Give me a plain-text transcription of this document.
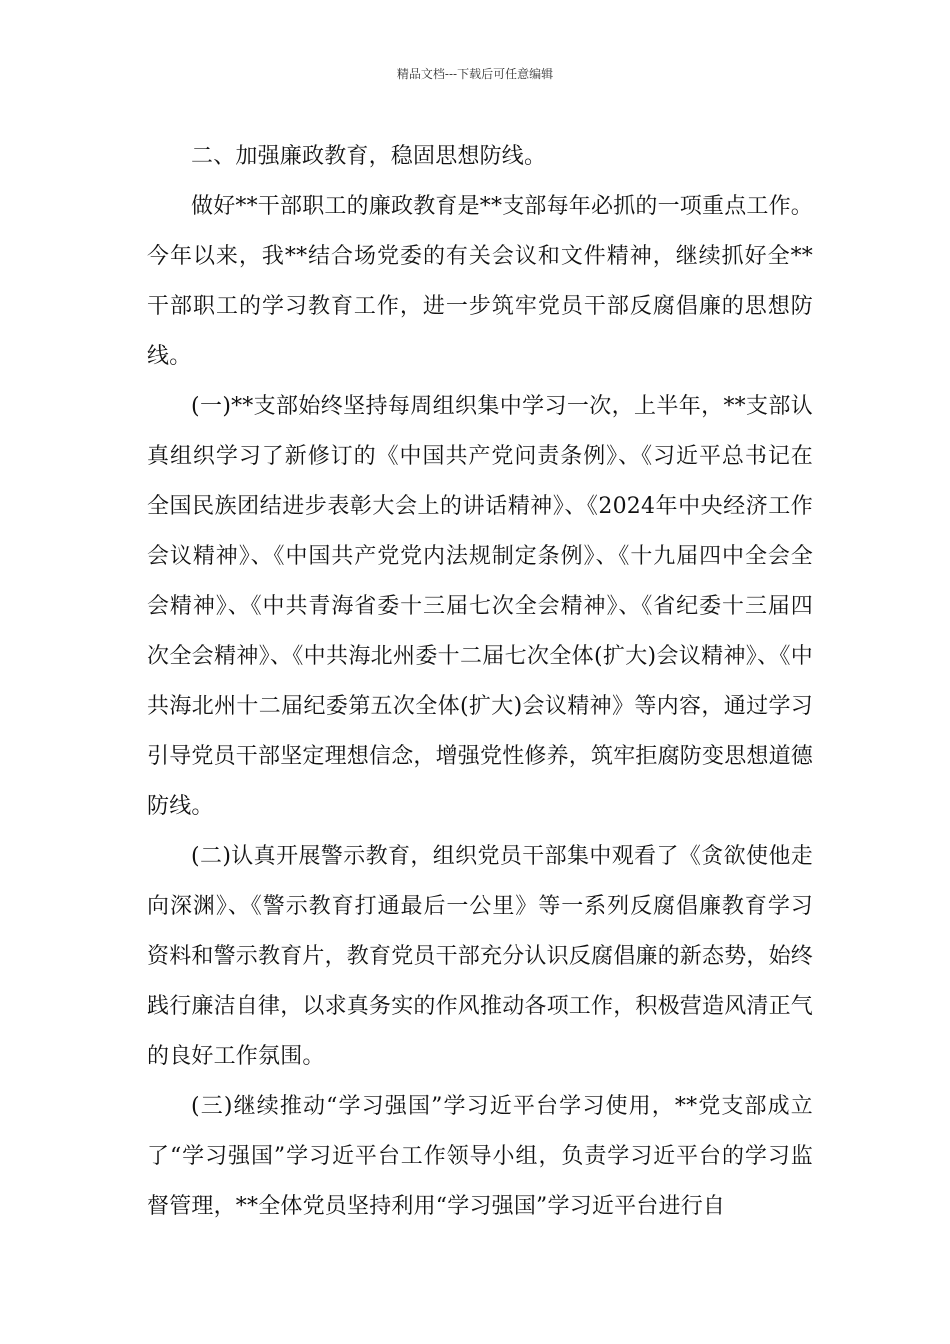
精品文档---下载后可任意编辑

二、加强廉政教育，稳固思想防线。

做好**干部职工的廉政教育是**支部每年必抓的一项重点工作。今年以来，我**结合场党委的有关会议和文件精神，继续抓好全**干部职工的学习教育工作，进一步筑牢党员干部反腐倡廉的思想防线。

(一)**支部始终坚持每周组织集中学习一次，上半年，**支部认真组织学习了新修订的《中国共产党问责条例》、《习近平总书记在全国民族团结进步表彰大会上的讲话精神》、《2024年中央经济工作会议精神》、《中国共产党党内法规制定条例》、《十九届四中全会全会精神》、《中共青海省委十三届七次全会精神》、《省纪委十三届四次全会精神》、《中共海北州委十二届七次全体(扩大)会议精神》、《中共海北州十二届纪委第五次全体(扩大)会议精神》等内容，通过学习引导党员干部坚定理想信念，增强党性修养，筑牢拒腐防变思想道德防线。

(二)认真开展警示教育，组织党员干部集中观看了《贪欲使他走向深渊》、《警示教育打通最后一公里》等一系列反腐倡廉教育学习资料和警示教育片，教育党员干部充分认识反腐倡廉的新态势，始终践行廉洁自律，以求真务实的作风推动各项工作，积极营造风清正气的良好工作氛围。

(三)继续推动“学习强国”学习近平台学习使用，**党支部成立了“学习强国”学习近平台工作领导小组，负责学习近平台的学习监督管理，**全体党员坚持利用“学习强国”学习近平台进行自
